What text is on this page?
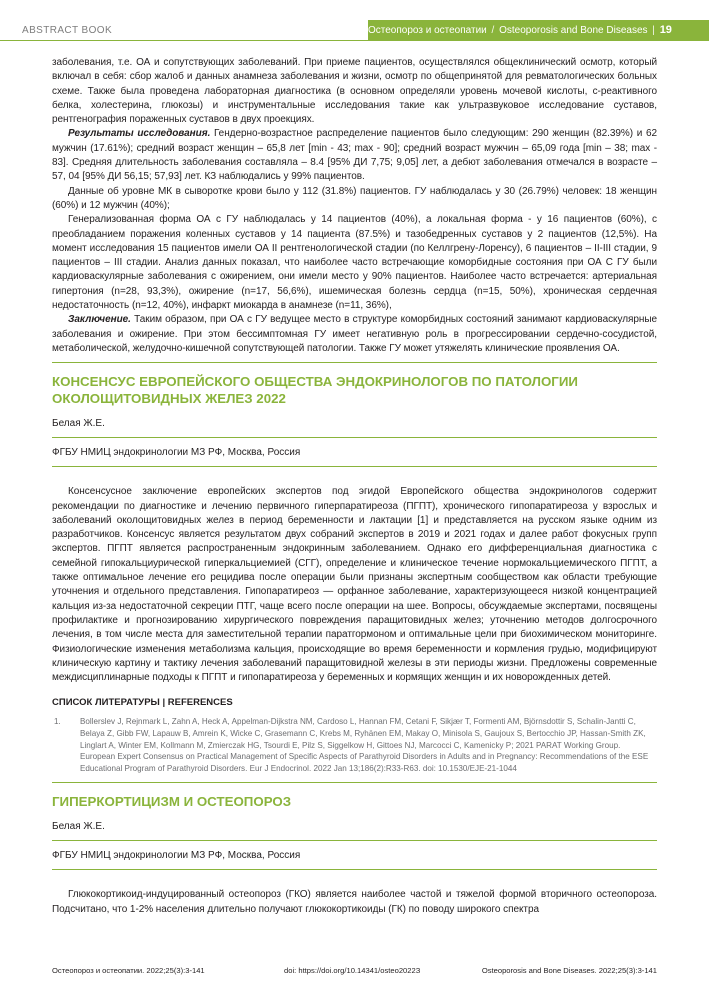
ABSTRACT BOOK	Остеопороз и остеопатии / Osteoporosis and Bone Diseases | 19

заболевания, т.е. ОА и сопутствующих заболеваний. При приеме пациентов, осуществлялся общеклинический осмотр, который включал в себя: сбор жалоб и данных анамнеза заболевания и жизни, осмотр по общепринятой для ревматологических больных схеме. Также была проведена лабораторная диагностика (в основном определяли уровень мочевой кислоты, с-реактивного белка, холестерина, глюкозы) и инструментальные исследования такие как ультразвуковое исследование суставов, рентгенография пораженных суставов в двух проекциях.

Результаты исследования. Гендерно-возрастное распределение пациентов было следующим: 290 женщин (82.39%) и 62 мужчин (17.61%); средний возраст женщин – 65,8 лет [min - 43; max - 90]; средний возраст мужчин – 65,09 года [min – 38; max - 83]. Средняя длительность заболевания составляла – 8.4 [95% ДИ 7,75; 9,05] лет, а дебют заболевания отмечался в возрасте – 57, 04 [95% ДИ 56,15; 57,93] лет. КЗ наблюдались у 99% пациентов.

Данные об уровне МК в сыворотке крови было у 112 (31.8%) пациентов. ГУ наблюдалась у 30 (26.79%) человек: 18 женщин (60%) и 12 мужчин (40%);

Генерализованная форма ОА с ГУ наблюдалась у 14 пациентов (40%), а локальная форма - у 16 пациентов (60%), с преобладанием поражения коленных суставов у 14 пациента (87.5%) и тазобедренных суставов у 2 пациентов (12,5%). На момент исследования 15 пациентов имели ОА II рентгенологической стадии (по Келлгрену-Лоренсу), 6 пациентов – II-III стадии, 9 пациентов – III стадии. Анализ данных показал, что наиболее часто встречающие коморбидные состояния при ОА С ГУ были кардиоваскулярные заболевания с ожирением, они имели место у 90% пациентов. Наиболее часто встречается: артериальная гипертония (n=28, 93,3%), ожирение (n=17, 56,6%), ишемическая болезнь сердца (n=15, 50%), хроническая сердечная недостаточность (n=12, 40%), инфаркт миокарда в анамнезе (n=11, 36%),

Заключение. Таким образом, при ОА с ГУ ведущее место в структуре коморбидных состояний занимают кардиоваскулярные заболевания и ожирение. При этом бессимптомная ГУ имеет негативную роль в прогрессировании сердечно-сосудистой, метаболической, желудочно-кишечной сопутствующей патологии. Также ГУ может утяжелять клинические проявления ОА.

КОНСЕНСУС ЕВРОПЕЙСКОГО ОБЩЕСТВА ЭНДОКРИНОЛОГОВ ПО ПАТОЛОГИИ ОКОЛОЩИТОВИДНЫХ ЖЕЛЕЗ 2022
Белая Ж.Е.
ФГБУ НМИЦ эндокринологии МЗ РФ, Москва, Россия

Консенсусное заключение европейских экспертов под эгидой Европейского общества эндокринологов содержит рекомендации по диагностике и лечению первичного гиперпаратиреоза (ПГПТ), хронического гипопаратиреоза у взрослых и заболеваний околощитовидных желез в период беременности и лактации [1] и представляется на русском языке одним из разработчиков. Консенсус является результатом двух собраний экспертов в 2019 и 2021 годах и далее работ фокусных групп экспертов. ПГПТ является распространенным эндокринным заболеванием. Однако его дифференциальная диагностика с семейной гипокальциурической гиперкальциемией (СГГ), определение и клиническое течение нормокальциемического ПГПТ, а также оптимальное лечение его рецидива после операции были признаны экспертным сообществом как области требующие уточнения и отдельного представления. Гипопаратиреоз — орфанное заболевание, характеризующееся низкой концентрацией кальция из-за недостаточной секреции ПТГ, чаще всего после операции на шее. Вопросы, обсуждаемые экспертами, посвящены профилактике и прогнозированию хирургического повреждения паращитовидных желез; уточнению методов долгосрочного лечения, в том числе места для заместительной терапии паратгормоном и оптимальные цели при биохимическом мониторинге. Физиологические изменения метаболизма кальция, происходящие во время беременности и кормления грудью, модифицируют клиническую картину и тактику лечения заболеваний паращитовидной железы в эти периоды жизни. Предложены современные междисциплинарные подходы к ПГПТ и гипопаратиреоза у беременных и кормящих женщин и их новорожденных детей.

СПИСОК ЛИТЕРАТУРЫ | REFERENCES
1.	Bollerslev J, Rejnmark L, Zahn A, Heck A, Appelman-Dijkstra NM, Cardoso L, Hannan FM, Cetani F, Sikjær T, Formenti AM, Björnsdottir S, Schalin-Jantti C, Belaya Z, Gibb FW, Lapauw B, Amrein K, Wicke C, Grasemann C, Krebs M, Ryhänen EM, Makay O, Minisola S, Gaujoux S, Bertocchio JP, Hassan-Smith ZK, Linglart A, Winter EM, Kollmann M, Zmierczak HG, Tsourdi E, Pilz S, Siggelkow H, Gittoes NJ, Marcocci C, Kamenicky P; 2021 PARAT Working Group. European Expert Consensus on Practical Management of Specific Aspects of Parathyroid Disorders in Adults and in Pregnancy: Recommendations of the ESE Educational Program of Parathyroid Disorders. Eur J Endocrinol. 2022 Jan 13;186(2):R33-R63. doi: 10.1530/EJE-21-1044
ГИПЕРКОРТИЦИЗМ И ОСТЕОПОРОЗ
Белая Ж.Е.
ФГБУ НМИЦ эндокринологии МЗ РФ, Москва, Россия

Глюкокортикоид-индуцированный остеопороз (ГКО) является наиболее частой и тяжелой формой вторичного остеопороза. Подсчитано, что 1-2% населения длительно получают глюкокортикоиды (ГК) по поводу широкого спектра

Остеопороз и остеопатии. 2022;25(3):3-141	doi: https://doi.org/10.14341/osteo2022З	Osteoporosis and Bone Diseases. 2022;25(3):3-141
